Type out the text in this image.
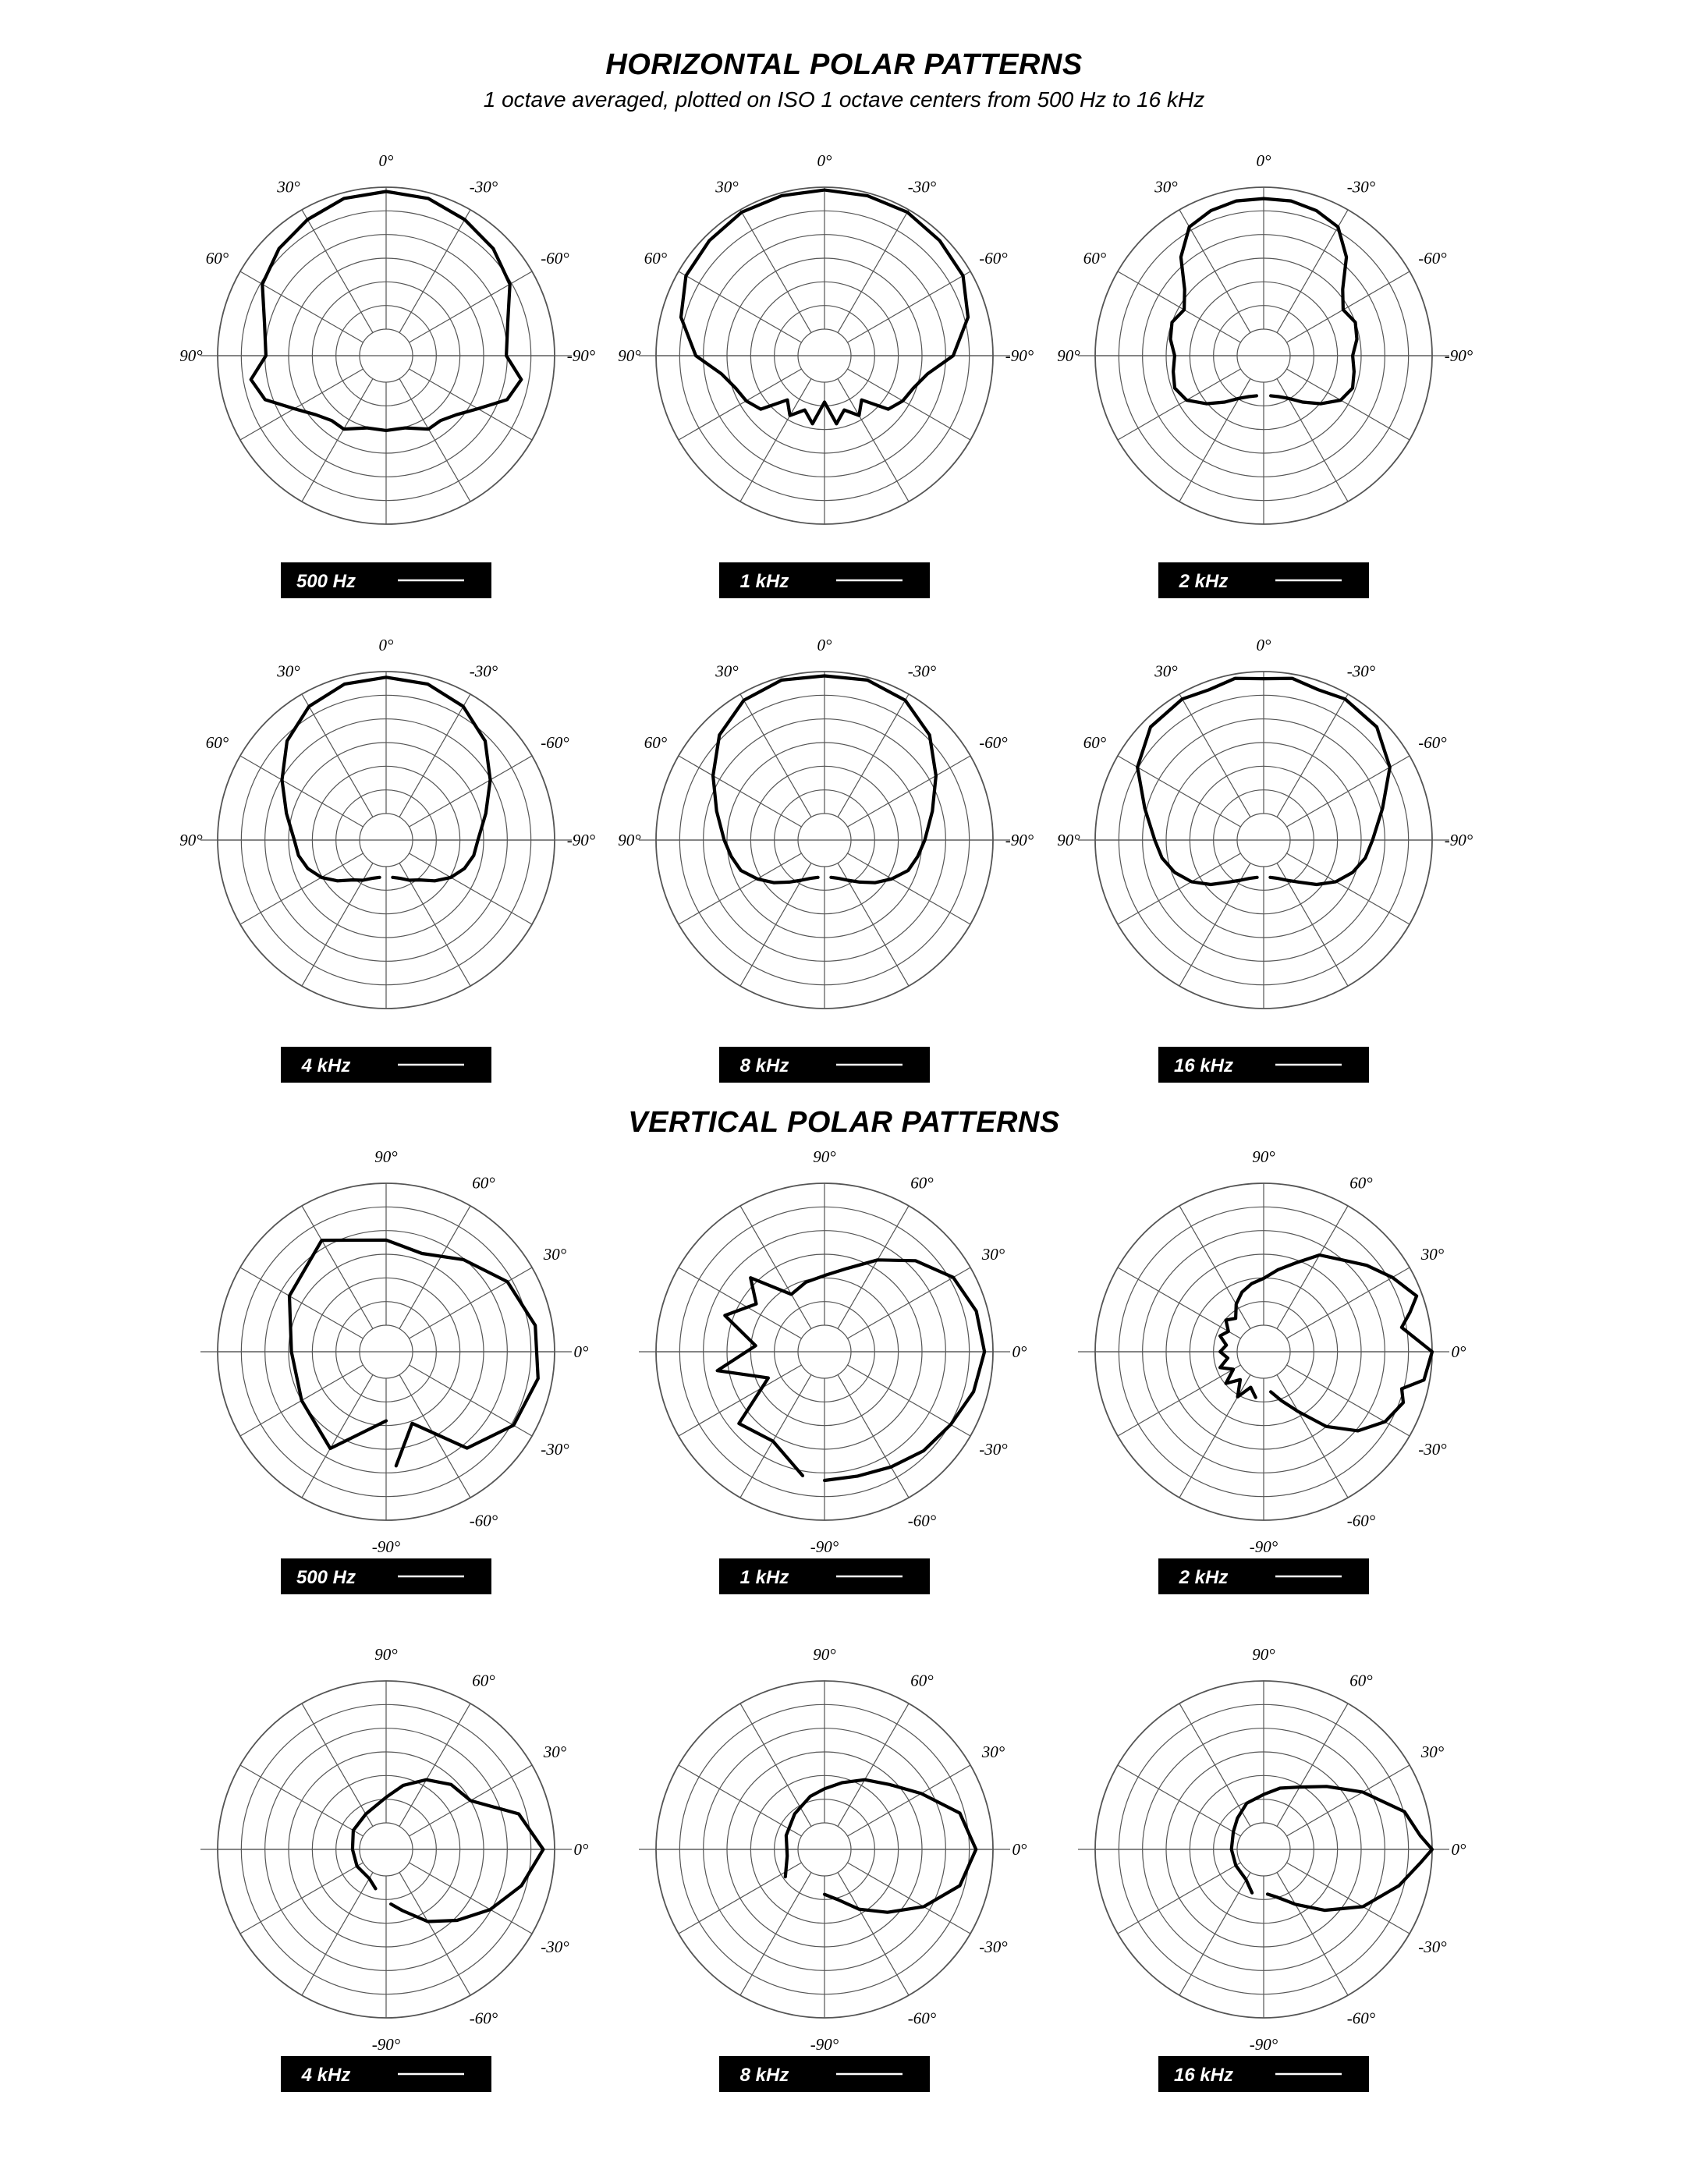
HORIZONTAL POLAR PATTERNS
1 octave averaged, plotted on ISO 1 octave centers from 500 Hz to 16 kHz
VERTICAL POLAR PATTERNS
0°
30°	-30°
60°	-60°
90°	-90°
500 Hz
0°
30°	-30°
60°	-60°
90°	-90°
1 kHz
0°
30°	-30°
60°	-60°
90°	-90°
2 kHz
0°
30°	-30°
60°	-60°
90°	-90°
4 kHz
0°
30°	-30°
60°	-60°
90°	-90°
8 kHz
0°
30°	-30°
60°	-60°
90°	-90°
16 kHz
90°
60°
30°
0°
-30°
-60°
-90°
500 Hz
90°
60°
30°
0°
-30°
-60°
-90°
1 kHz
90°
60°
30°
0°
-30°
-60°
-90°
2 kHz
90°
60°
30°
0°
-30°
-60°
-90°
4 kHz
90°
60°
30°
0°
-30°
-60°
-90°
8 kHz
90°
60°
30°
0°
-30°
-60°
-90°
16 kHz
